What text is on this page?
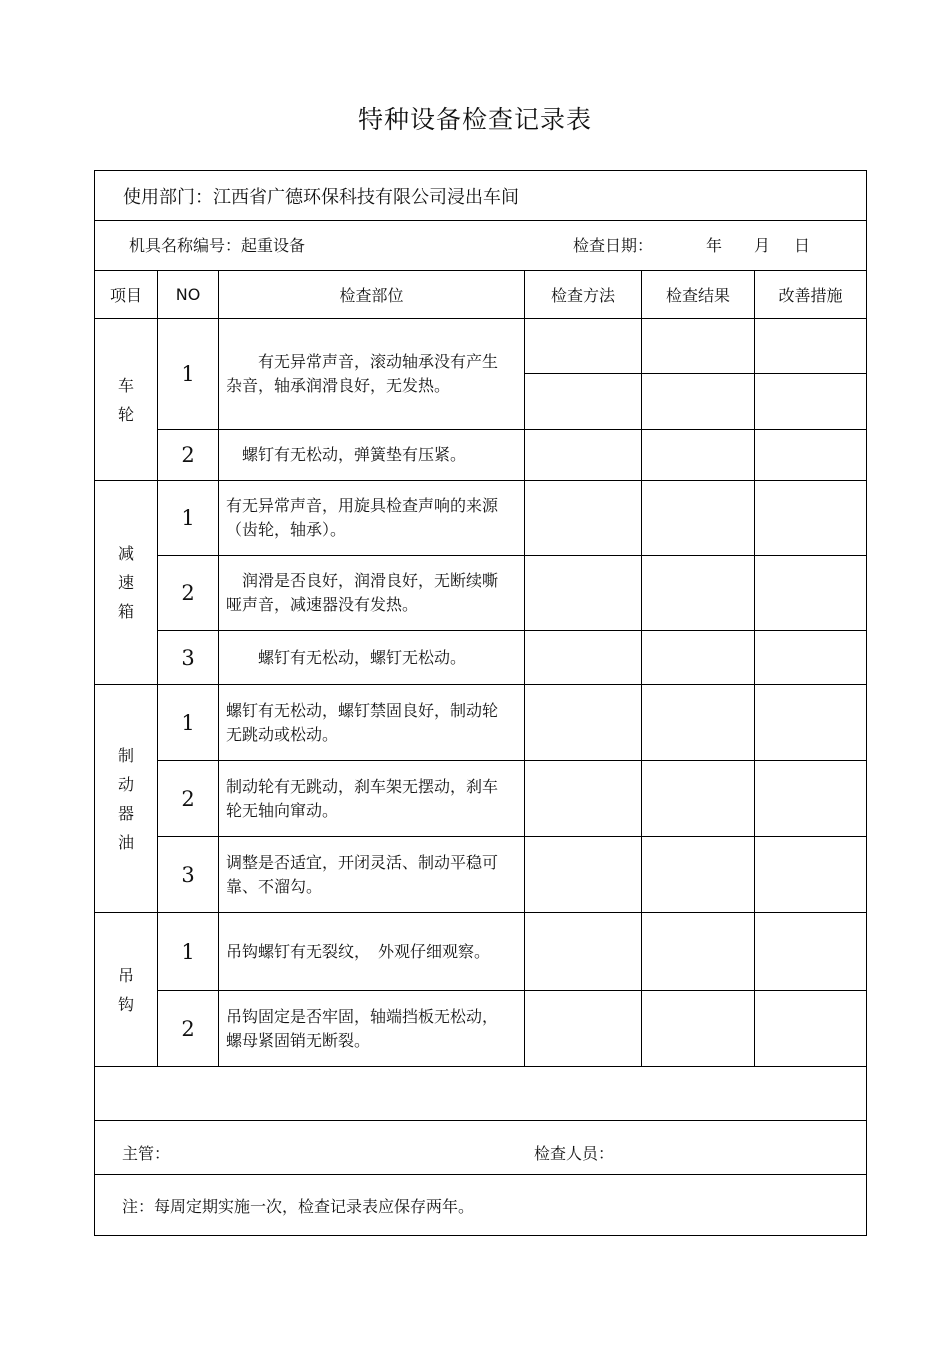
特种设备检查记录表
使用部门：江西省广德环保科技有限公司浸出车间					

机具名称编号：起重设备 检查日期： 年 月 日					

项目	NO	检查部位	检查方法	检查结果	改善措施

车
轮	1	　　有无异常声音，滚动轴承没有产生杂音，轴承润滑良好，无发热。			

	2	　螺钉有无松动，弹簧垫有压紧。			

减
速
箱	1	有无异常声音，用旋具检查声响的来源（齿轮，轴承）。			
	2	　润滑是否良好，润滑良好，无断续嘶哑声音，减速器没有发热。			
	3	　　螺钉有无松动，螺钉无松动。			

制
动
器
油	1	螺钉有无松动，螺钉禁固良好，制动轮无跳动或松动。			
	2	制动轮有无跳动，刹车架无摆动，刹车轮无轴向窜动。			
	3	调整是否适宜，开闭灵活、制动平稳可靠、不溜勾。			

吊
钩	1	吊钩螺钉有无裂纹，　外观仔细观察。			
	2	吊钩固定是否牢固，轴端挡板无松动，螺母紧固销无断裂。			

主管： 检查人员：					

注：每周定期实施一次，检查记录表应保存两年。					
